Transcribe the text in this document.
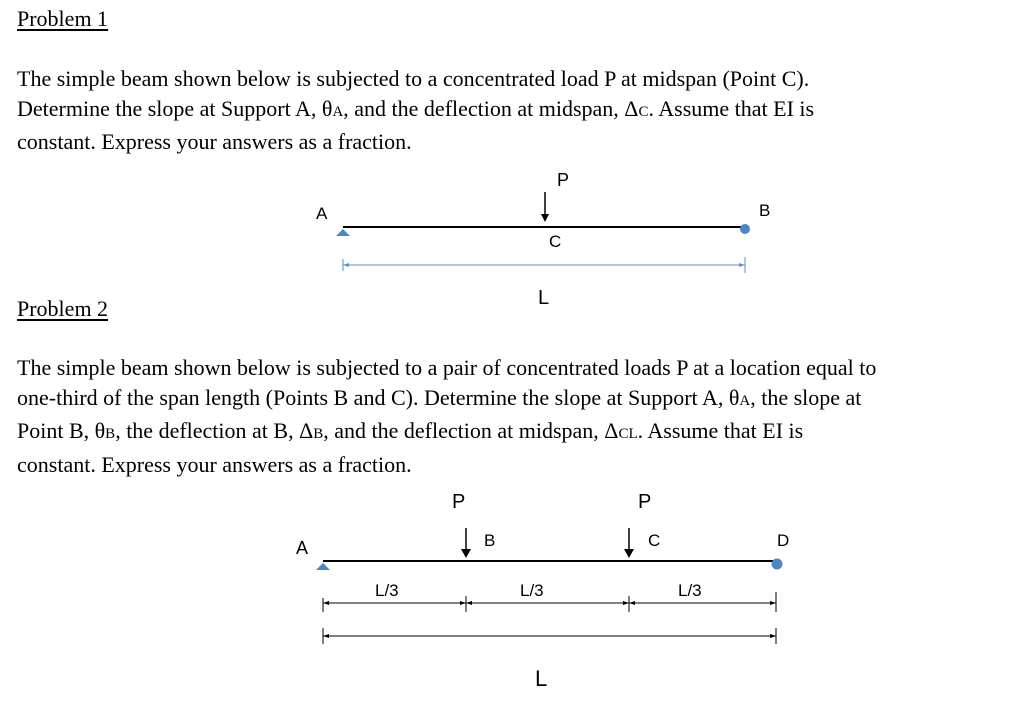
Problem 1

The simple beam shown below is subjected to a concentrated load P at midspan (Point C).
Determine the slope at Support A, θA, and the deflection at midspan, ΔC. Assume that EI is
constant. Express your answers as a fraction.

Problem 2

The simple beam shown below is subjected to a pair of concentrated loads P at a location equal to
one-third of the span length (Points B and C). Determine the slope at Support A, θA, the slope at
Point B, θB, the deflection at B, ΔB, and the deflection at midspan, ΔCL. Assume that EI is
constant. Express your answers as a fraction.

P
A	B
C
L
P	P
A	B	C	D
L/3	L/3	L/3
L
